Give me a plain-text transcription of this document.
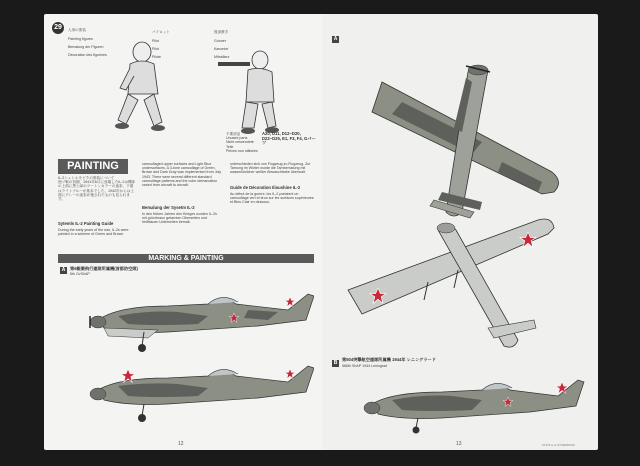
29	人形の塗装

Painting figures

Bemalung der Figuren

Décoration des figurines

パイロット

Pilot

Pilot

Pilote

後部銃手

Gunner

Kanonier

Mitrailleur

不要部品
Unused parts
Nicht verwendete Teile
Pièces non utilisées
A20, D11, D12~D20, D22~D25, E1, F3, F4, Gパーツ
PAINTING
IL-2シュトルモビクの塗装について
独ソ戦の初期、1941年6月に登場したIL-2は機体の上面に黒と緑のツートンカラーの迷彩、下面はライトブルーが基本でした。1942年からは上面にグレーの迷彩が施されたものも見られます。
Sytemls IL-2 Painting Guide
During the early years of the war, IL-2s were painted in a scheme of Green and Brown
camouflaged upper surfaces and Light Blue undersurfaces. A 3-tone camouflage of Green, Brown and Dark Gray was implemented from July 1943. There were several different standard camouflage patterns and the color demarcation varied from aircraft to aircraft.
Bemalung der Sysetm IL-2
In den frühen Jahren des Krieges wurden IL-2s mit grün/braun getarnten Oberseiten und hellblauen Unterseiten bemalt.
unterschieden sich von Flugzeug zu Flugzeug. Zur Tarnung im Winter wurde die Tarnbemalung mit wasserlöslicher weißer Abwaschfarbe übermalt.
Guide de Décoration Ilioushine IL-2
Au début de la guerre, les IL-2 portaient un camouflage vert et brun sur les surfaces supérieures et Bleu Clair en dessous.
MARKING & PAINTING
A	第6親衛飛行連隊所属機(首都防空隊)
6th GvShAP
12
A
B
第504突撃航空連隊所属機 1944年 レニングラード
566th ShAP 1944 Leningrad
13	67174 IL-2 STORMOVIK
